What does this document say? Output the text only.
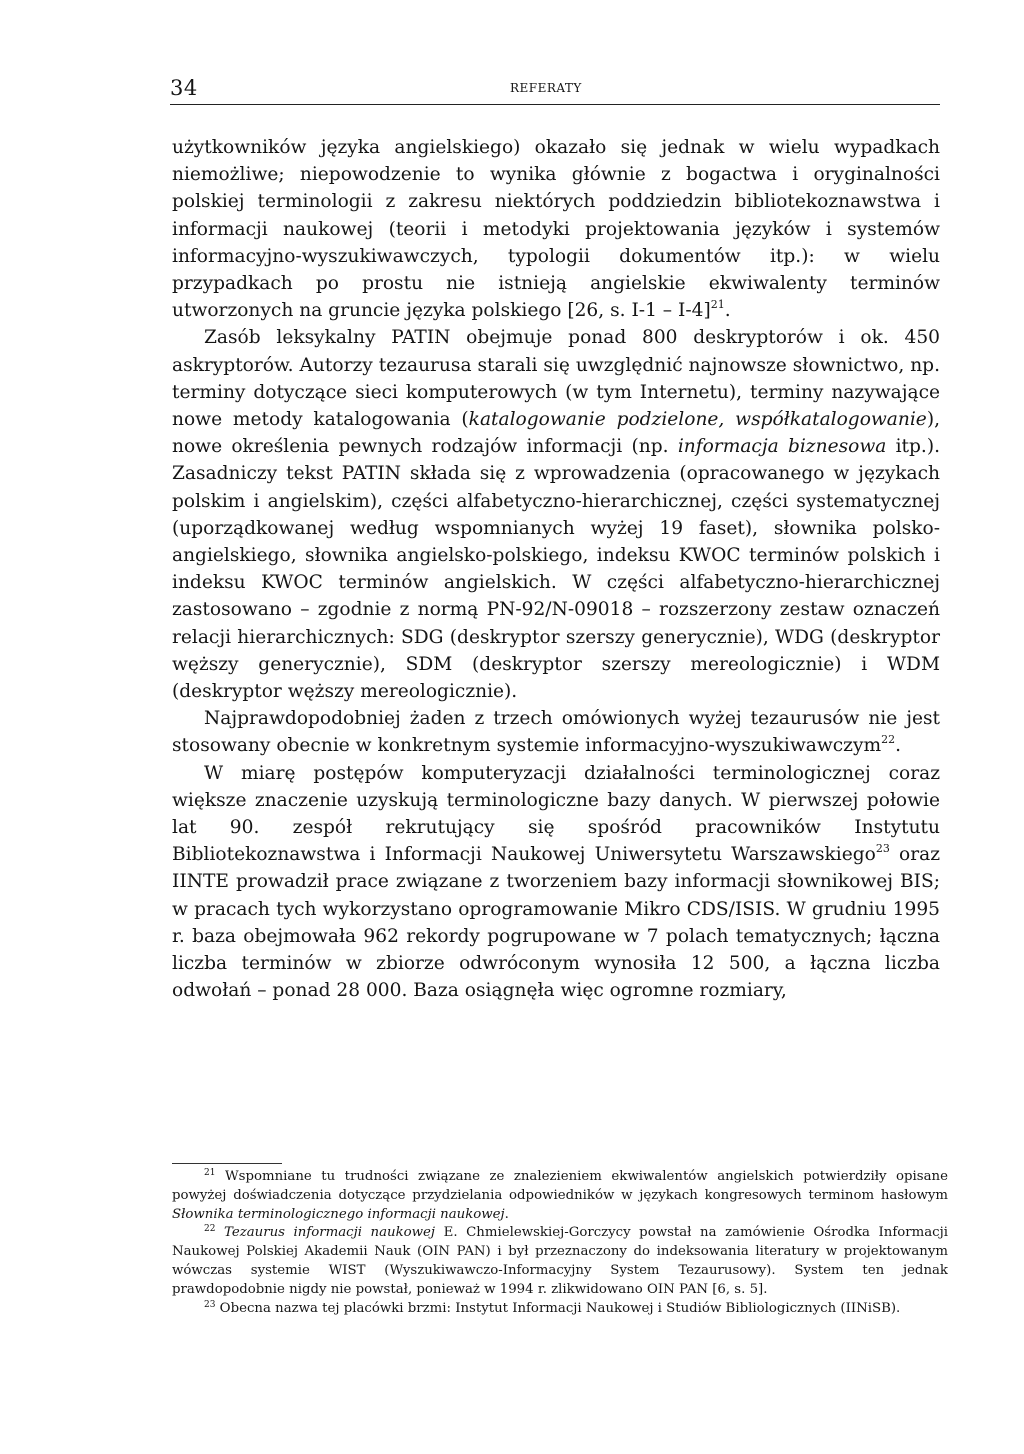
34	REFERATY

użytkowników języka angielskiego) okazało się jednak w wielu wypadkach niemożliwe; niepowodzenie to wynika głównie z bogactwa i oryginalności polskiej terminologii z zakresu niektórych poddziedzin bibliotekoznawstwa i informacji naukowej (teorii i metodyki projektowania języków i systemów informacyjno-wyszukiwawczych, typologii dokumentów itp.): w wielu przypadkach po prostu nie istnieją angielskie ekwiwalenty terminów utworzonych na gruncie języka polskiego [26, s. I-1 – I-4]$^{21}$.

Zasób leksykalny PATIN obejmuje ponad 800 deskryptorów i ok. 450 askryptorów. Autorzy tezaurusa starali się uwzględnić najnowsze słownictwo, np. terminy dotyczące sieci komputerowych (w tym Internetu), terminy nazywające nowe metody katalogowania (katalogowanie podzielone, współkatalogowanie), nowe określenia pewnych rodzajów informacji (np. informacja biznesowa itp.). Zasadniczy tekst PATIN składa się z wprowadzenia (opracowanego w językach polskim i angielskim), części alfabetyczno-hierarchicznej, części systematycznej (uporządkowanej według wspomnianych wyżej 19 faset), słownika polsko-angielskiego, słownika angielsko-polskiego, indeksu KWOC terminów polskich i indeksu KWOC terminów angielskich. W części alfabetyczno-hierarchicznej zastosowano – zgodnie z normą PN-92/N-09018 – rozszerzony zestaw oznaczeń relacji hierarchicznych: SDG (deskryptor szerszy generycznie), WDG (deskryptor węższy generycznie), SDM (deskryptor szerszy mereologicznie) i WDM (deskryptor węższy mereologicznie).

Najprawdopodobniej żaden z trzech omówionych wyżej tezaurusów nie jest stosowany obecnie w konkretnym systemie informacyjno-wyszukiwawczym$^{22}$.

W miarę postępów komputeryzacji działalności terminologicznej coraz większe znaczenie uzyskują terminologiczne bazy danych. W pierwszej połowie lat 90. zespół rekrutujący się spośród pracowników Instytutu Bibliotekoznawstwa i Informacji Naukowej Uniwersytetu Warszawskiego$^{23}$ oraz IINTE prowadził prace związane z tworzeniem bazy informacji słownikowej BIS; w pracach tych wykorzystano oprogramowanie Mikro CDS/ISIS. W grudniu 1995 r. baza obejmowała 962 rekordy pogrupowane w 7 polach tematycznych; łączna liczba terminów w zbiorze odwróconym wynosiła 12 500, a łączna liczba odwołań – ponad 28 000. Baza osiągnęła więc ogromne rozmiary,

$^{21}$ Wspomniane tu trudności związane ze znalezieniem ekwiwalentów angielskich potwierdziły opisane powyżej doświadczenia dotyczące przydzielania odpowiedników w językach kongresowych terminom hasłowym Słownika terminologicznego informacji naukowej.

$^{22}$ Tezaurus informacji naukowej E. Chmielewskiej-Gorczycy powstał na zamówienie Ośrodka Informacji Naukowej Polskiej Akademii Nauk (OIN PAN) i był przeznaczony do indeksowania literatury w projektowanym wówczas systemie WIST (Wyszukiwawczo-Informacyjny System Tezaurusowy). System ten jednak prawdopodobnie nigdy nie powstał, ponieważ w 1994 r. zlikwidowano OIN PAN [6, s. 5].

$^{23}$ Obecna nazwa tej placówki brzmi: Instytut Informacji Naukowej i Studiów Bibliologicznych (IINiSB).
